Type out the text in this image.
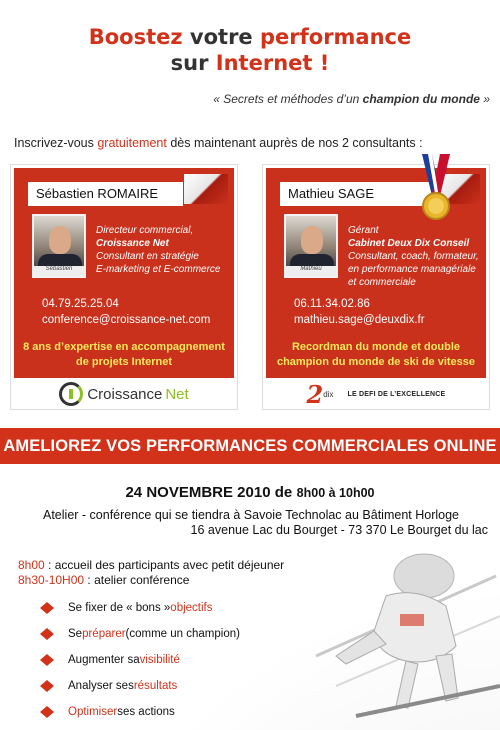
Boostez votre performance
sur Internet !
« Secrets et méthodes d’un champion du monde »
Inscrivez-vous gratuitement dès maintenant auprès de nos 2 consultants :
Sébastien ROMAIRE
Sébastien
Directeur commercial,
Croissance Net
Consultant en stratégie
E-marketing et E-commerce
04.79.25.25.04
conference@croissance-net.com
8 ans d’expertise en accompagnement de projets Internet
Croissance Net
Mathieu SAGE
Mathieu
Gérant
Cabinet Deux Dix Conseil
Consultant, coach, formateur,
en performance managériale
et commerciale
06.11.34.02.86
mathieu.sage@deuxdix.fr
Recordman du monde et double champion du monde de ski de vitesse
2 dix LE DEFI DE L’EXCELLENCE
AMELIOREZ VOS PERFORMANCES COMMERCIALES ONLINE
24 NOVEMBRE 2010 de 8h00 à 10h00
Atelier - conférence qui se tiendra à Savoie Technolac au Bâtiment Horloge
16 avenue Lac du Bourget - 73 370 Le Bourget du lac
8h00 : accueil des participants avec petit déjeuner
8h30-10H00 : atelier conférence
Se fixer de « bons » objectifs
Se préparer (comme un champion)
Augmenter sa visibilité
Analyser ses résultats
Optimiser ses actions
